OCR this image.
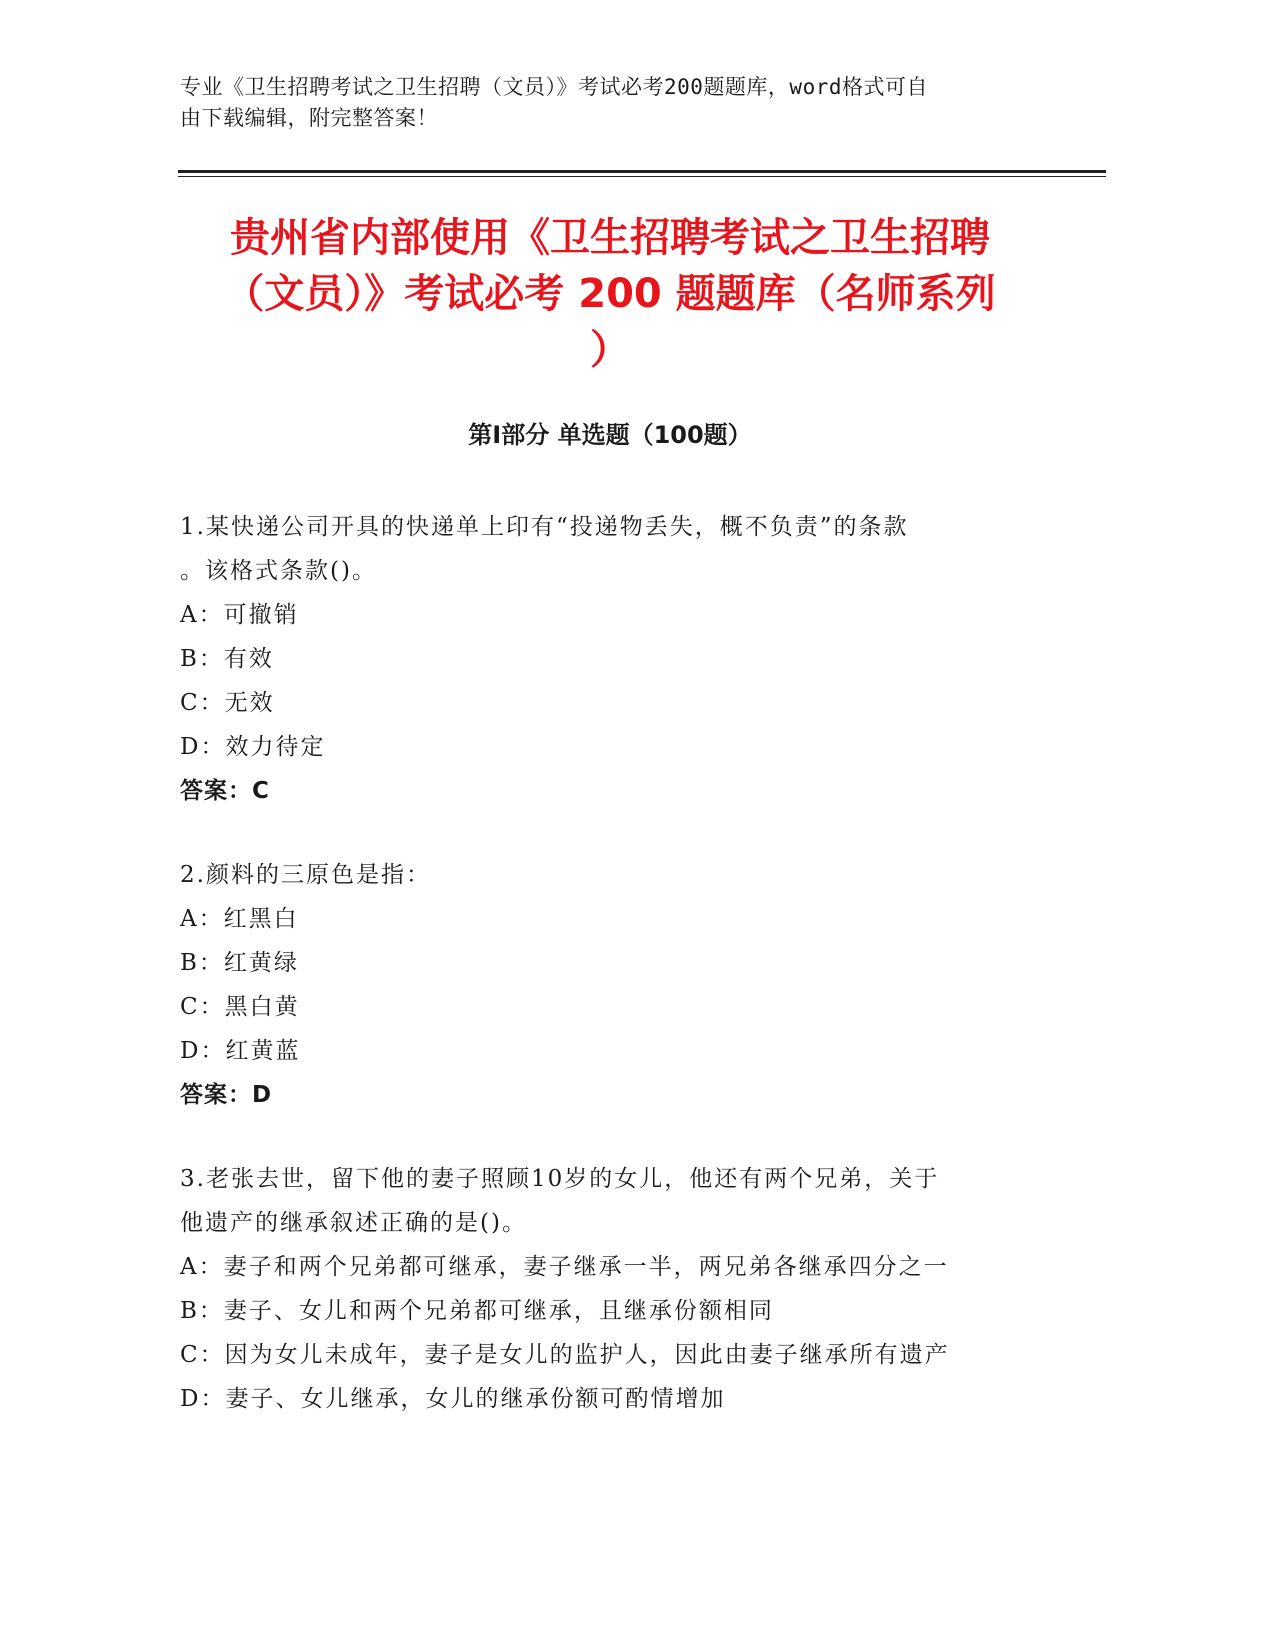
专业《卫生招聘考试之卫生招聘（文员）》考试必考200题题库，word格式可自
由下载编辑，附完整答案！
贵州省内部使用《卫生招聘考试之卫生招聘
（文员）》考试必考 200 题题库（名师系列
）
第Ⅰ部分 单选题（100题）
1.某快递公司开具的快递单上印有“投递物丢失，概不负责”的条款
。该格式条款()。
A：可撤销
B：有效
C：无效
D：效力待定
答案：C
2.颜料的三原色是指：
A：红黑白
B：红黄绿
C：黑白黄
D：红黄蓝
答案：D
3.老张去世，留下他的妻子照顾10岁的女儿，他还有两个兄弟，关于
他遗产的继承叙述正确的是()。
A：妻子和两个兄弟都可继承，妻子继承一半，两兄弟各继承四分之一
B：妻子、女儿和两个兄弟都可继承，且继承份额相同
C：因为女儿未成年，妻子是女儿的监护人，因此由妻子继承所有遗产
D：妻子、女儿继承，女儿的继承份额可酌情增加
